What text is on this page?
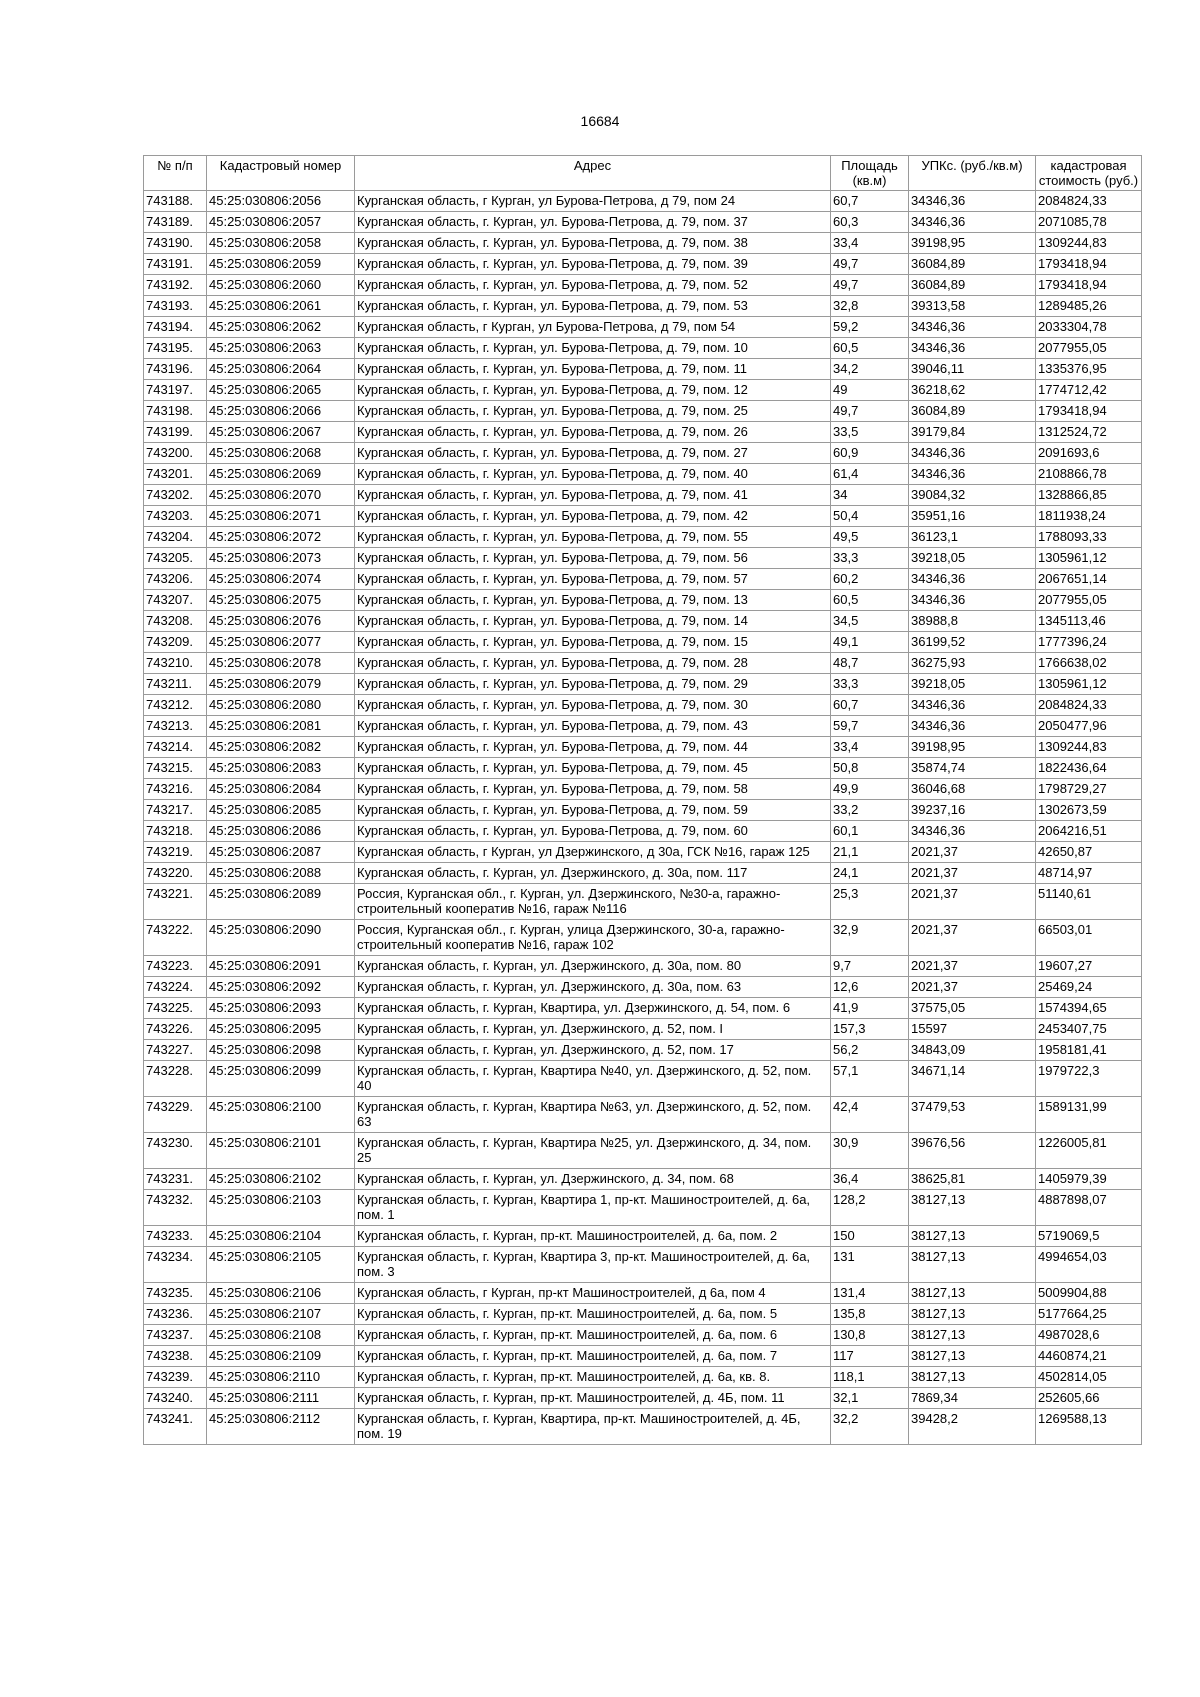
16684
№ п/п	Кадастровый номер	Адрес	Площадь (кв.м)	УПКс. (руб./кв.м)	кадастровая стоимость (руб.)
743188.	45:25:030806:2056	Курганская область, г Курган, ул Бурова-Петрова, д 79, пом 24	60,7	34346,36	2084824,33
743189.	45:25:030806:2057	Курганская область, г. Курган, ул. Бурова-Петрова, д. 79, пом. 37	60,3	34346,36	2071085,78
743190.	45:25:030806:2058	Курганская область, г. Курган, ул. Бурова-Петрова, д. 79, пом. 38	33,4	39198,95	1309244,83
743191.	45:25:030806:2059	Курганская область, г. Курган, ул. Бурова-Петрова, д. 79, пом. 39	49,7	36084,89	1793418,94
743192.	45:25:030806:2060	Курганская область, г. Курган, ул. Бурова-Петрова, д. 79, пом. 52	49,7	36084,89	1793418,94
743193.	45:25:030806:2061	Курганская область, г. Курган, ул. Бурова-Петрова, д. 79, пом. 53	32,8	39313,58	1289485,26
743194.	45:25:030806:2062	Курганская область, г Курган, ул Бурова-Петрова, д 79, пом 54	59,2	34346,36	2033304,78
743195.	45:25:030806:2063	Курганская область, г. Курган, ул. Бурова-Петрова, д. 79, пом. 10	60,5	34346,36	2077955,05
743196.	45:25:030806:2064	Курганская область, г. Курган, ул. Бурова-Петрова, д. 79, пом. 11	34,2	39046,11	1335376,95
743197.	45:25:030806:2065	Курганская область, г. Курган, ул. Бурова-Петрова, д. 79, пом. 12	49	36218,62	1774712,42
743198.	45:25:030806:2066	Курганская область, г. Курган, ул. Бурова-Петрова, д. 79, пом. 25	49,7	36084,89	1793418,94
743199.	45:25:030806:2067	Курганская область, г. Курган, ул. Бурова-Петрова, д. 79, пом. 26	33,5	39179,84	1312524,72
743200.	45:25:030806:2068	Курганская область, г. Курган, ул. Бурова-Петрова, д. 79, пом. 27	60,9	34346,36	2091693,6
743201.	45:25:030806:2069	Курганская область, г. Курган, ул. Бурова-Петрова, д. 79, пом. 40	61,4	34346,36	2108866,78
743202.	45:25:030806:2070	Курганская область, г. Курган, ул. Бурова-Петрова, д. 79, пом. 41	34	39084,32	1328866,85
743203.	45:25:030806:2071	Курганская область, г. Курган, ул. Бурова-Петрова, д. 79, пом. 42	50,4	35951,16	1811938,24
743204.	45:25:030806:2072	Курганская область, г. Курган, ул. Бурова-Петрова, д. 79, пом. 55	49,5	36123,1	1788093,33
743205.	45:25:030806:2073	Курганская область, г. Курган, ул. Бурова-Петрова, д. 79, пом. 56	33,3	39218,05	1305961,12
743206.	45:25:030806:2074	Курганская область, г. Курган, ул. Бурова-Петрова, д. 79, пом. 57	60,2	34346,36	2067651,14
743207.	45:25:030806:2075	Курганская область, г. Курган, ул. Бурова-Петрова, д. 79, пом. 13	60,5	34346,36	2077955,05
743208.	45:25:030806:2076	Курганская область, г. Курган, ул. Бурова-Петрова, д. 79, пом. 14	34,5	38988,8	1345113,46
743209.	45:25:030806:2077	Курганская область, г. Курган, ул. Бурова-Петрова, д. 79, пом. 15	49,1	36199,52	1777396,24
743210.	45:25:030806:2078	Курганская область, г. Курган, ул. Бурова-Петрова, д. 79, пом. 28	48,7	36275,93	1766638,02
743211.	45:25:030806:2079	Курганская область, г. Курган, ул. Бурова-Петрова, д. 79, пом. 29	33,3	39218,05	1305961,12
743212.	45:25:030806:2080	Курганская область, г. Курган, ул. Бурова-Петрова, д. 79, пом. 30	60,7	34346,36	2084824,33
743213.	45:25:030806:2081	Курганская область, г. Курган, ул. Бурова-Петрова, д. 79, пом. 43	59,7	34346,36	2050477,96
743214.	45:25:030806:2082	Курганская область, г. Курган, ул. Бурова-Петрова, д. 79, пом. 44	33,4	39198,95	1309244,83
743215.	45:25:030806:2083	Курганская область, г. Курган, ул. Бурова-Петрова, д. 79, пом. 45	50,8	35874,74	1822436,64
743216.	45:25:030806:2084	Курганская область, г. Курган, ул. Бурова-Петрова, д. 79, пом. 58	49,9	36046,68	1798729,27
743217.	45:25:030806:2085	Курганская область, г. Курган, ул. Бурова-Петрова, д. 79, пом. 59	33,2	39237,16	1302673,59
743218.	45:25:030806:2086	Курганская область, г. Курган, ул. Бурова-Петрова, д. 79, пом. 60	60,1	34346,36	2064216,51
743219.	45:25:030806:2087	Курганская область, г Курган, ул Дзержинского, д 30а, ГСК №16, гараж 125	21,1	2021,37	42650,87
743220.	45:25:030806:2088	Курганская область, г. Курган, ул. Дзержинского, д. 30а, пом. 117	24,1	2021,37	48714,97
743221.	45:25:030806:2089	Россия, Курганская обл., г. Курган, ул. Дзержинского, №30-а, гаражно-строительный кооператив №16, гараж №116	25,3	2021,37	51140,61
743222.	45:25:030806:2090	Россия, Курганская обл., г. Курган, улица Дзержинского, 30-а, гаражно-строительный кооператив №16, гараж 102	32,9	2021,37	66503,01
743223.	45:25:030806:2091	Курганская область, г. Курган, ул. Дзержинского, д. 30а, пом. 80	9,7	2021,37	19607,27
743224.	45:25:030806:2092	Курганская область, г. Курган, ул. Дзержинского, д. 30а, пом. 63	12,6	2021,37	25469,24
743225.	45:25:030806:2093	Курганская область, г. Курган, Квартира, ул. Дзержинского, д. 54, пом. 6	41,9	37575,05	1574394,65
743226.	45:25:030806:2095	Курганская область, г. Курган, ул. Дзержинского, д. 52, пом. I	157,3	15597	2453407,75
743227.	45:25:030806:2098	Курганская область, г. Курган, ул. Дзержинского, д. 52, пом. 17	56,2	34843,09	1958181,41
743228.	45:25:030806:2099	Курганская область, г. Курган, Квартира №40, ул. Дзержинского, д. 52, пом. 40	57,1	34671,14	1979722,3
743229.	45:25:030806:2100	Курганская область, г. Курган, Квартира №63, ул. Дзержинского, д. 52, пом. 63	42,4	37479,53	1589131,99
743230.	45:25:030806:2101	Курганская область, г. Курган, Квартира №25, ул. Дзержинского, д. 34, пом. 25	30,9	39676,56	1226005,81
743231.	45:25:030806:2102	Курганская область, г. Курган, ул. Дзержинского, д. 34, пом. 68	36,4	38625,81	1405979,39
743232.	45:25:030806:2103	Курганская область, г. Курган, Квартира 1, пр-кт. Машиностроителей, д. 6а, пом. 1	128,2	38127,13	4887898,07
743233.	45:25:030806:2104	Курганская область, г. Курган, пр-кт. Машиностроителей, д. 6а, пом. 2	150	38127,13	5719069,5
743234.	45:25:030806:2105	Курганская область, г. Курган, Квартира 3, пр-кт. Машиностроителей, д. 6а, пом. 3	131	38127,13	4994654,03
743235.	45:25:030806:2106	Курганская область, г Курган, пр-кт Машиностроителей, д 6а, пом 4	131,4	38127,13	5009904,88
743236.	45:25:030806:2107	Курганская область, г. Курган, пр-кт. Машиностроителей, д. 6а, пом. 5	135,8	38127,13	5177664,25
743237.	45:25:030806:2108	Курганская область, г. Курган, пр-кт. Машиностроителей, д. 6а, пом. 6	130,8	38127,13	4987028,6
743238.	45:25:030806:2109	Курганская область, г. Курган, пр-кт. Машиностроителей, д. 6а, пом. 7	117	38127,13	4460874,21
743239.	45:25:030806:2110	Курганская область, г. Курган, пр-кт. Машиностроителей, д. 6а, кв. 8.	118,1	38127,13	4502814,05
743240.	45:25:030806:2111	Курганская область, г. Курган, пр-кт. Машиностроителей, д. 4Б, пом. 11	32,1	7869,34	252605,66
743241.	45:25:030806:2112	Курганская область, г. Курган, Квартира, пр-кт. Машиностроителей, д. 4Б, пом. 19	32,2	39428,2	1269588,13
